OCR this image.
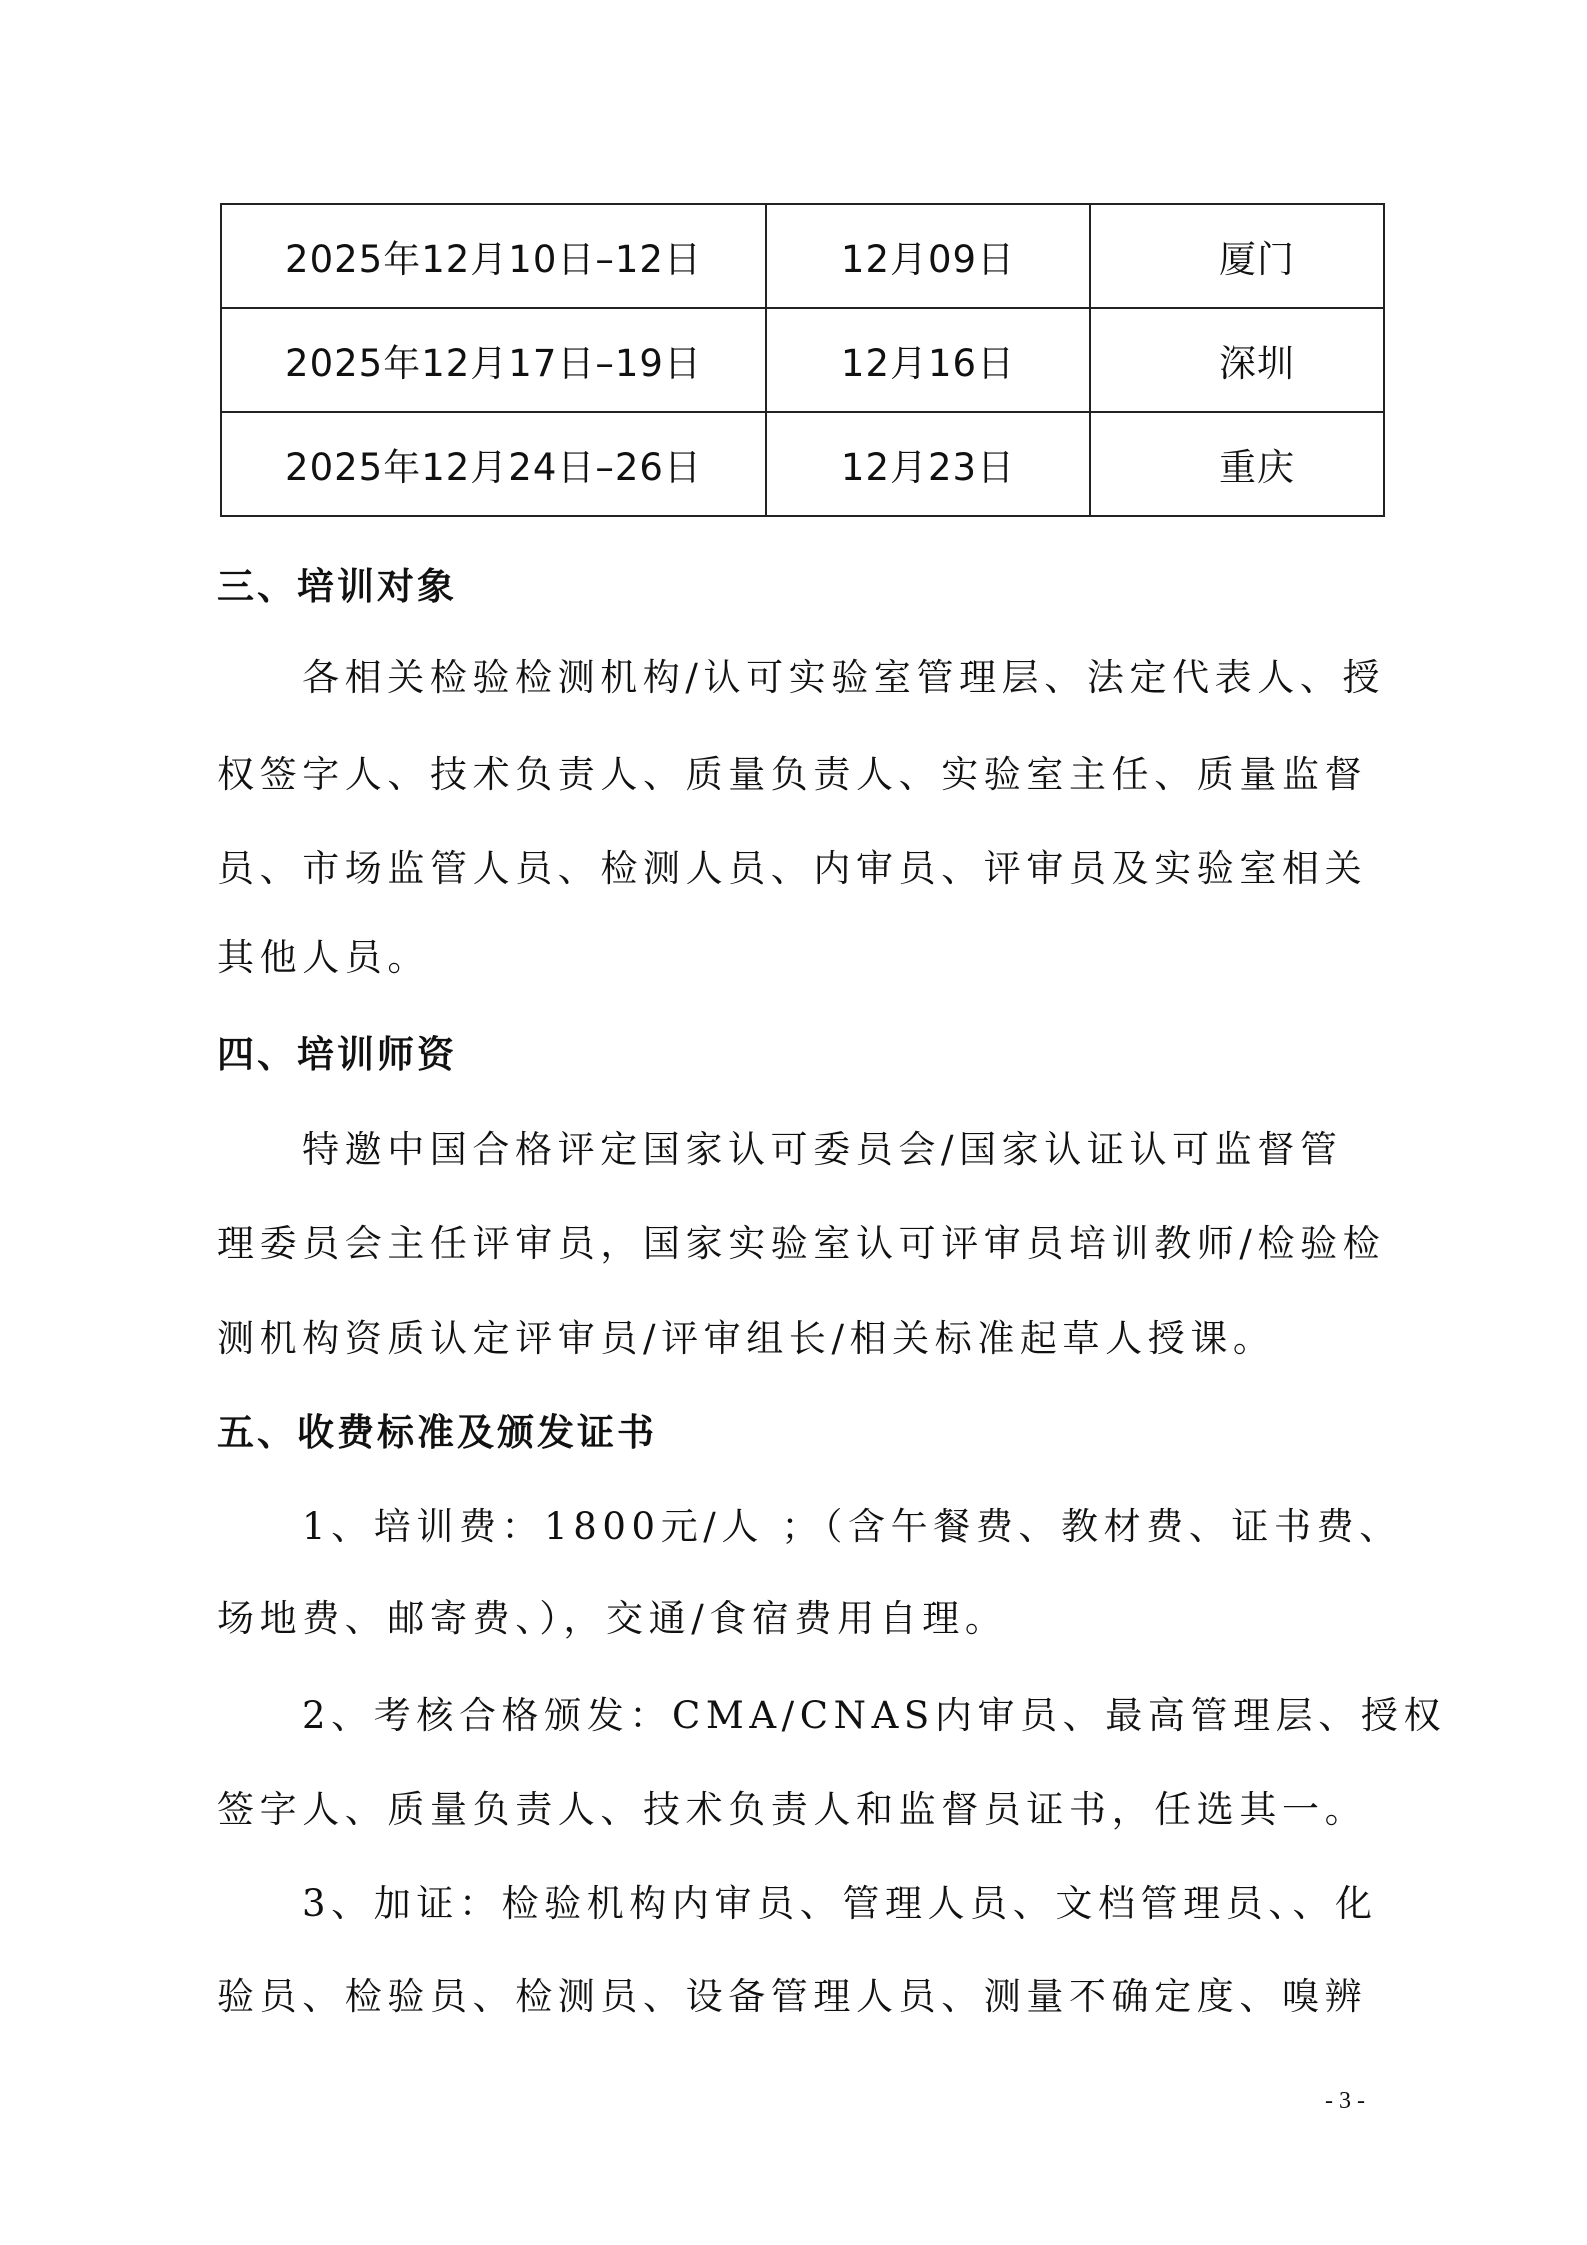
2025年12月10日–12日	12月09日	厦门
2025年12月17日–19日	12月16日	深圳
2025年12月24日–26日	12月23日	重庆
三、培训对象
各相关检验检测机构/认可实验室管理层、法定代表人、授
权签字人、技术负责人、质量负责人、实验室主任、质量监督
员、市场监管人员、检测人员、内审员、评审员及实验室相关
其他人员。
四、培训师资
特邀中国合格评定国家认可委员会/国家认证认可监督管
理委员会主任评审员，国家实验室认可评审员培训教师/检验检
测机构资质认定评审员/评审组长/相关标准起草人授课。
五、收费标准及颁发证书
1、培训费：1800元/人 ；（含午餐费、教材费、证书费、
场地费、邮寄费、），交通/食宿费用自理。
2、考核合格颁发：CMA/CNAS内审员、最高管理层、授权
签字人、质量负责人、技术负责人和监督员证书，任选其一。
3、加证：检验机构内审员、管理人员、文档管理员、、化
验员、检验员、检测员、设备管理人员、测量不确定度、嗅辨
- 3 -
